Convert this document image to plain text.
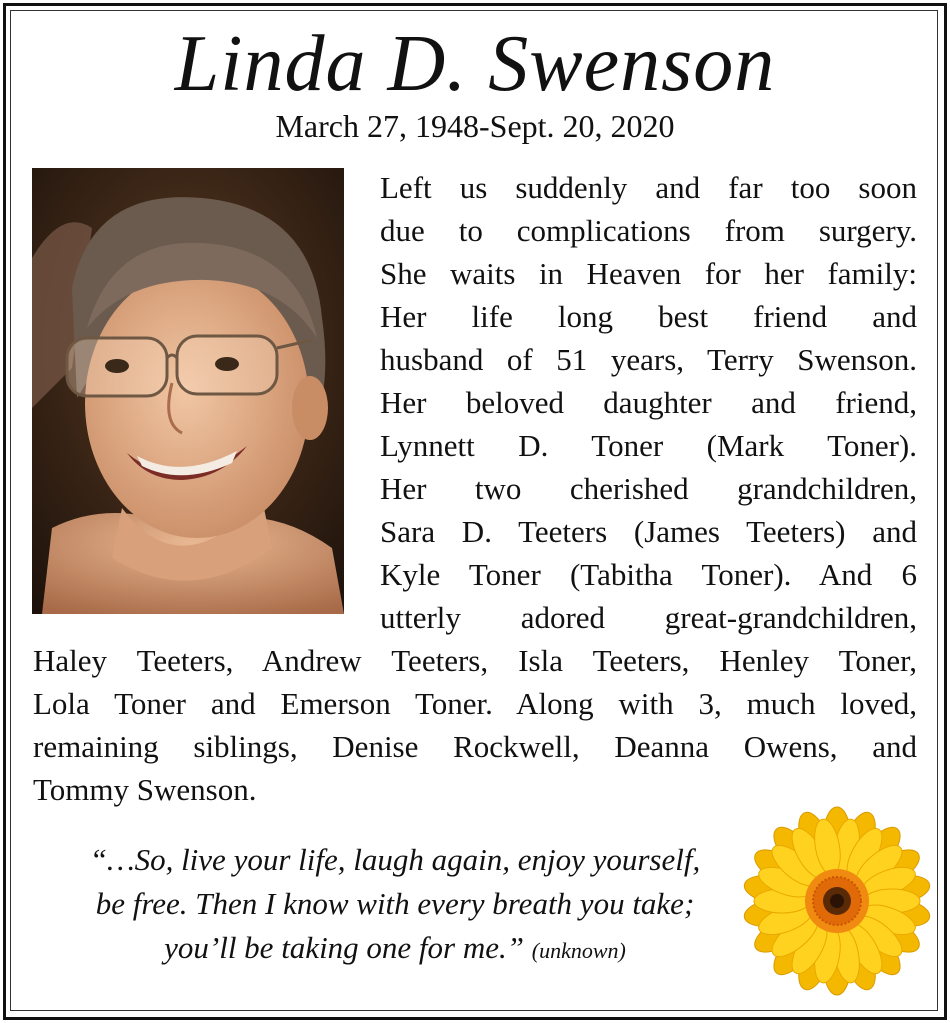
Linda D. Swenson
March 27, 1948-Sept. 20, 2020
Left us suddenly and far too soon
due to complications from surgery.
She waits in Heaven for her family:
Her life long best friend and
husband of 51 years, Terry Swenson.
Her beloved daughter and friend,
Lynnett D. Toner (Mark Toner).
Her two cherished grandchildren,
Sara D. Teeters (James Teeters) and
Kyle Toner (Tabitha Toner). And 6
utterly adored great-grandchildren,
Haley Teeters, Andrew Teeters, Isla Teeters, Henley Toner,
Lola Toner and Emerson Toner. Along with 3, much loved,
remaining siblings, Denise Rockwell, Deanna Owens, and
Tommy Swenson.
“…So, live your life, laugh again, enjoy yourself,
be free. Then I know with every breath you take;
you’ll be taking one for me.” (unknown)
